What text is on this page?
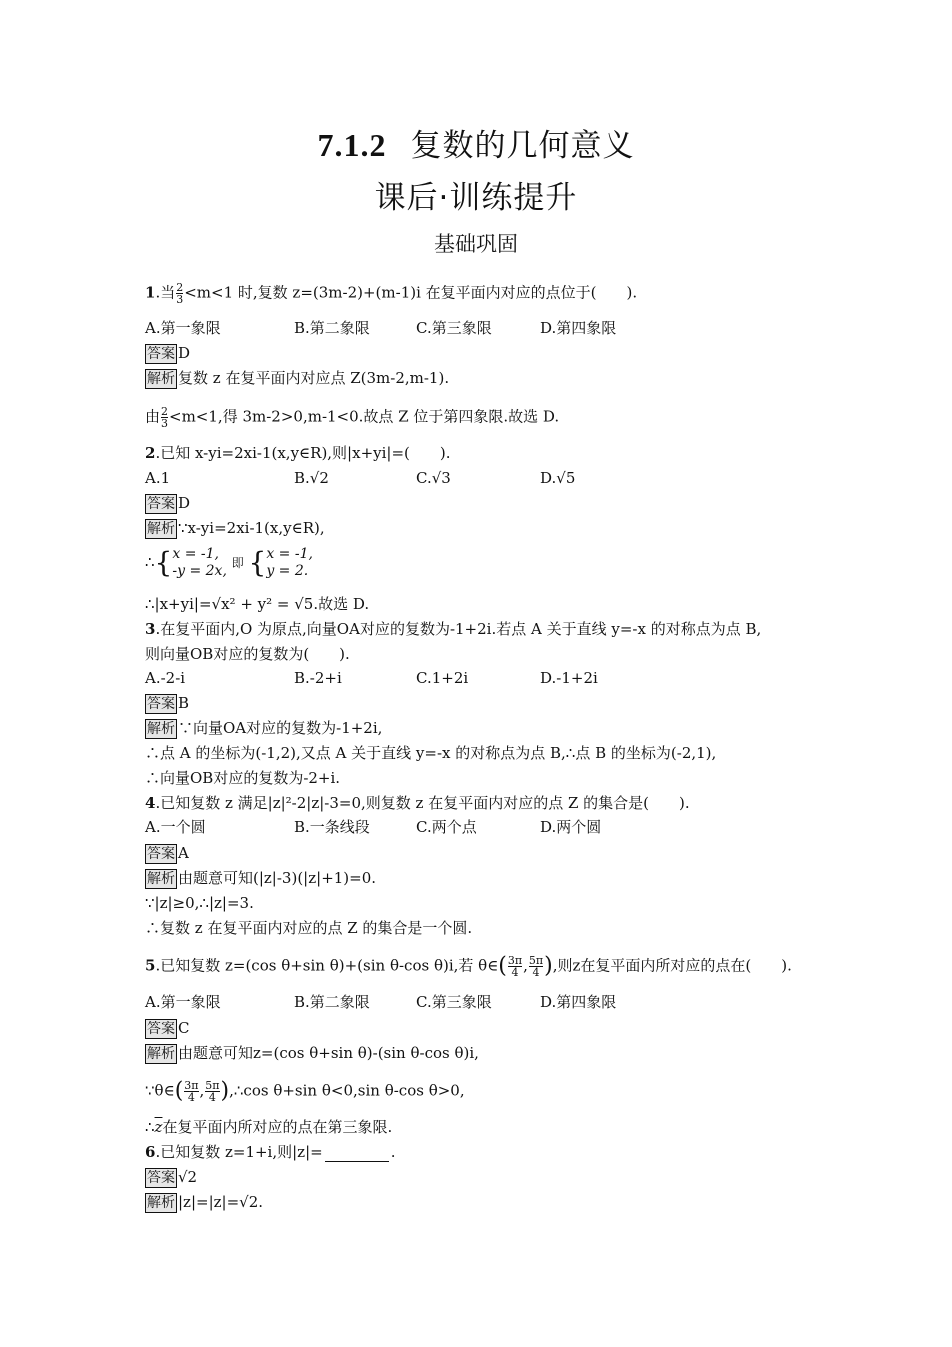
7.1.2 复数的几何意义
课后·训练提升
基础巩固
1.当 $\frac{2}{3} <m<1$ 时,复数 z=(3m-2)+(m-1)i 在复平面内对应的点位于(　　).
A.第一象限	B.第二象限	C.第三象限	D.第四象限
答案 D
解析 复数 z 在复平面内对应点 Z(3m-2,m-1).
由 $\frac{2}{3} <m<1$,得 3m-2>0,m-1<0.故点 Z 位于第四象限.故选 D.
2.已知 x-yi=2xi-1(x,y∈R),则|x+yi|=(　　).
A.1	B.√2	C.√3	D.√5
答案 D
解析 ∵x-yi=2xi-1(x,y∈R),
∴{ x = -1,
-y = 2x, 即 { x = -1,
y = 2.
∴|x+yi|=√x² + y² = √5.故选 D.
3.在复平面内,O 为原点,向量OA对应的复数为-1+2i.若点 A 关于直线 y=-x 的对称点为点 B,
则向量OB对应的复数为(　　).
A.-2-i	B.-2+i	C.1+2i	D.-1+2i
答案 B
解析 ∵向量OA对应的复数为-1+2i,
∴点 A 的坐标为(-1,2),又点 A 关于直线 y=-x 的对称点为点 B,∴点 B 的坐标为(-2,1),
∴向量OB对应的复数为-2+i.
4.已知复数 z 满足|z|²-2|z|-3=0,则复数 z 在复平面内对应的点 Z 的集合是(　　).
A.一个圆	B.一条线段	C.两个点	D.两个圆
答案 A
解析 由题意可知(|z|-3)(|z|+1)=0.
∵|z|≥0,∴|z|=3.
∴复数 z 在复平面内对应的点 Z 的集合是一个圆.
5.已知复数 z=(cos θ+sin θ)+(sin θ-cos θ)i,若 θ∈( $\frac{3\pi}{4}$ , $\frac{5\pi}{4}$ ),则z在复平面内所对应的点在(　　).
A.第一象限	B.第二象限	C.第三象限	D.第四象限
答案 C
解析 由题意可知z=(cos θ+sin θ)-(sin θ-cos θ)i,
∵θ∈( $\frac{3\pi}{4}$ , $\frac{5\pi}{4}$ ),∴cos θ+sin θ<0,sin θ-cos θ>0,
$\therefore\overline{z}$在复平面内所对应的点在第三象限.
6.已知复数 z=1+i,则|z|=	.
答案 √2
解析 |z|=|z|=√2.
